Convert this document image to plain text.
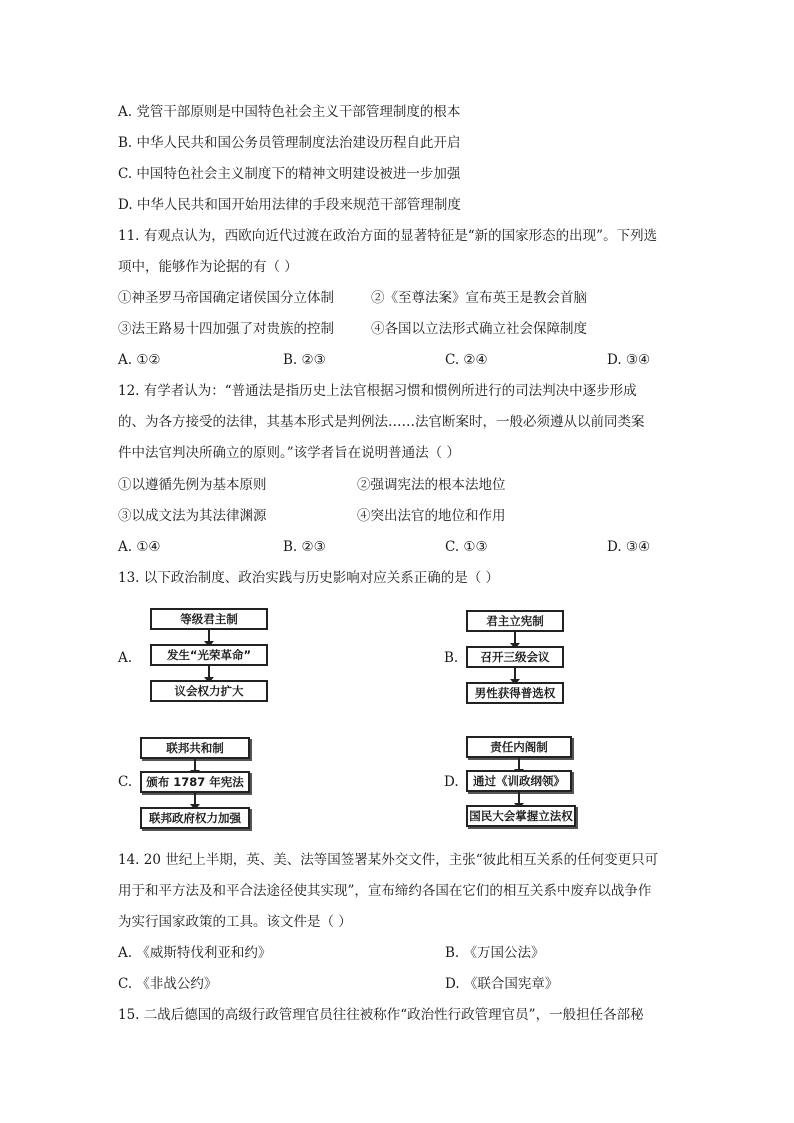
A. 党管干部原则是中国特色社会主义干部管理制度的根本
B. 中华人民共和国公务员管理制度法治建设历程自此开启
C. 中国特色社会主义制度下的精神文明建设被进一步加强
D. 中华人民共和国开始用法律的手段来规范干部管理制度
11. 有观点认为，西欧向近代过渡在政治方面的显著特征是“新的国家形态的出现”。下列选
项中，能够作为论据的有（ ）
①神圣罗马帝国确定诸侯国分立体制	②《至尊法案》宣布英王是教会首脑
③法王路易十四加强了对贵族的控制	④各国以立法形式确立社会保障制度
A. ①②	B. ②③	C. ②④	D. ③④
12. 有学者认为：“普通法是指历史上法官根据习惯和惯例所进行的司法判决中逐步形成
的、为各方接受的法律，其基本形式是判例法……法官断案时，一般必须遵从以前同类案
件中法官判决所确立的原则。”该学者旨在说明普通法（ ）
①以遵循先例为基本原则	②强调宪法的根本法地位
③以成文法为其法律渊源	④突出法官的地位和作用
A. ①④	B. ②③	C. ①③	D. ③④
13. 以下政治制度、政治实践与历史影响对应关系正确的是（ ）
A.
等级君主制
发生“光荣革命”
议会权力扩大
B.
君主立宪制
召开三级会议
男性获得普选权
C.
联邦共和制
颁布 1787 年宪法
联邦政府权力加强
D.
责任内阁制
通过《训政纲领》
国民大会掌握立法权
14. 20 世纪上半期，英、美、法等国签署某外交文件，主张“彼此相互关系的任何变更只可
用于和平方法及和平合法途径使其实现”，宣布缔约各国在它们的相互关系中废弃以战争作
为实行国家政策的工具。该文件是（ ）
A. 《威斯特伐利亚和约》	B. 《万国公法》
C. 《非战公约》	D. 《联合国宪章》
15. 二战后德国的高级行政管理官员往往被称作“政治性行政管理官员”，一般担任各部秘
